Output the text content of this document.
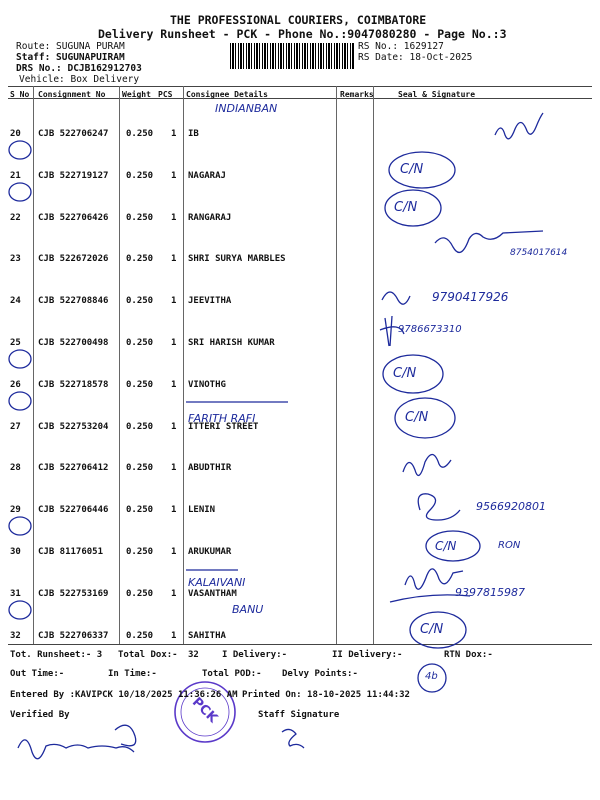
THE PROFESSIONAL COURIERS, COIMBATORE
Delivery Runsheet - PCK - Phone No.:9047080280 - Page No.:3
Route: SUGUNA PURAM
Staff: SUGUNAPUIRAM
DRS No.: DCJB162912703
Vehicle: Box Delivery
RS No.: 1629127
RS Date: 18-Oct-2025
S No Consignment No Weight PCS Consignee Details	Remarks	Seal & Signature
20 CJB 522706247 0.250 1 IB
21 CJB 522719127 0.250 1 NAGARAJ
22 CJB 522706426 0.250 1 RANGARAJ
23 CJB 522672026 0.250 1 SHRI SURYA MARBLES
24 CJB 522708846 0.250 1 JEEVITHA
25 CJB 522700498 0.250 1 SRI HARISH KUMAR
26 CJB 522718578 0.250 1 VINOTHG
27 CJB 522753204 0.250 1 ITTERI STREET
28 CJB 522706412 0.250 1 ABUDTHIR
29 CJB 522706446 0.250 1 LENIN
30 CJB 81176051	0.250 1 ARUKUMAR
31 CJB 522753169 0.250 1 VASANTHAM
32 CJB 522706337 0.250 1 SAHITHA
INDIANBAN
C/N
C/N
8754017614
9790417926
9786673310
C/N
FARITH RAFI	C/N
9566920801
C/N	RON
KALAIVANI
9397815987
BANU
C/N
4b
PCK
Tot. Runsheet:- 3 Total Dox:- 32	I Delivery:-	II Delivery:-	RTN Dox:-
Out Time:-	In Time:-	Total POD:- Delvy Points:-
Entered By :KAVIPCK 10/18/2025 11:36:26 AM Printed On: 18-10-2025 11:44:32
Verified By	Staff Signature
